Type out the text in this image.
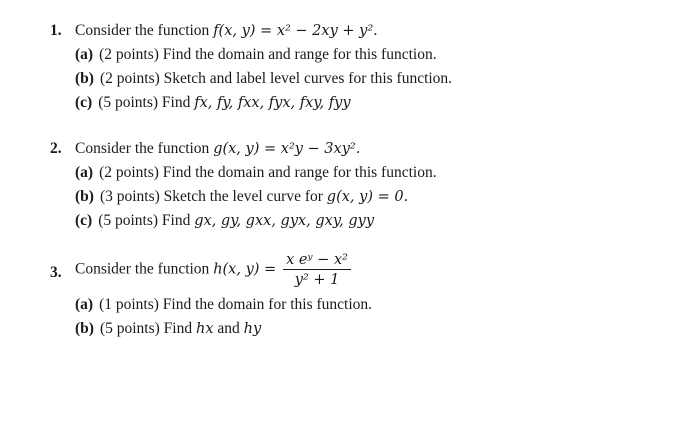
1. Consider the function f(x, y) = x² − 2xy + y².
(a) (2 points) Find the domain and range for this function.
(b) (2 points) Sketch and label level curves for this function.
(c) (5 points) Find fx, fy, fxx, fyx, fxy, fyy
2. Consider the function g(x, y) = x²y − 3xy².
(a) (2 points) Find the domain and range for this function.
(b) (3 points) Sketch the level curve for g(x, y) = 0.
(c) (5 points) Find gx, gy, gxx, gyx, gxy, gyy
3. Consider the function h(x, $y) = \frac{\text{x eʸ − x²}}{\text{y² + 1}}$
(a) (1 points) Find the domain for this function.
(b) (5 points) Find hx and hy
